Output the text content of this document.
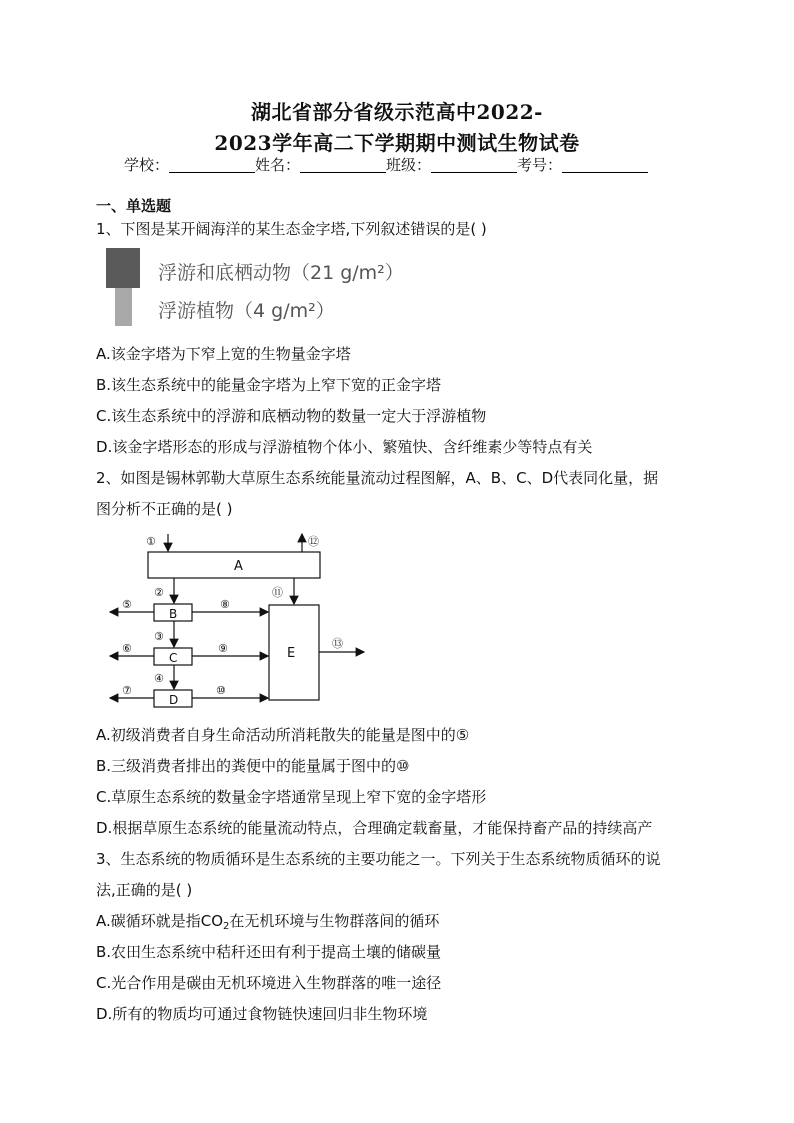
湖北省部分省级示范高中2022-
2023学年高二下学期期中测试生物试卷
学校：	姓名：	班级：	考号：
一、单选题
1、下图是某开阔海洋的某生态金字塔,下列叙述错误的是( )
浮游和底栖动物（21 g/m²）
浮游植物（4 g/m²）
A.该金字塔为下窄上宽的生物量金字塔
B.该生态系统中的能量金字塔为上窄下宽的正金字塔
C.该生态系统中的浮游和底栖动物的数量一定大于浮游植物
D.该金字塔形态的形成与浮游植物个体小、繁殖快、含纤维素少等特点有关
2、如图是锡林郭勒大草原生态系统能量流动过程图解，A、B、C、D代表同化量，据
图分析不正确的是( )
A
B
C
D
E
①	⑫
②
③
④
⑪
⑤
⑥
⑦
⑧
⑨
⑩
⑬
A.初级消费者自身生命活动所消耗散失的能量是图中的⑤
B.三级消费者排出的粪便中的能量属于图中的⑩
C.草原生态系统的数量金字塔通常呈现上窄下宽的金字塔形
D.根据草原生态系统的能量流动特点，合理确定载畜量，才能保持畜产品的持续高产
3、生态系统的物质循环是生态系统的主要功能之一。下列关于生态系统物质循环的说
法,正确的是( )
A.碳循环就是指$CO_2$在无机环境与生物群落间的循环
B.农田生态系统中秸秆还田有利于提高土壤的储碳量
C.光合作用是碳由无机环境进入生物群落的唯一途径
D.所有的物质均可通过食物链快速回归非生物环境
